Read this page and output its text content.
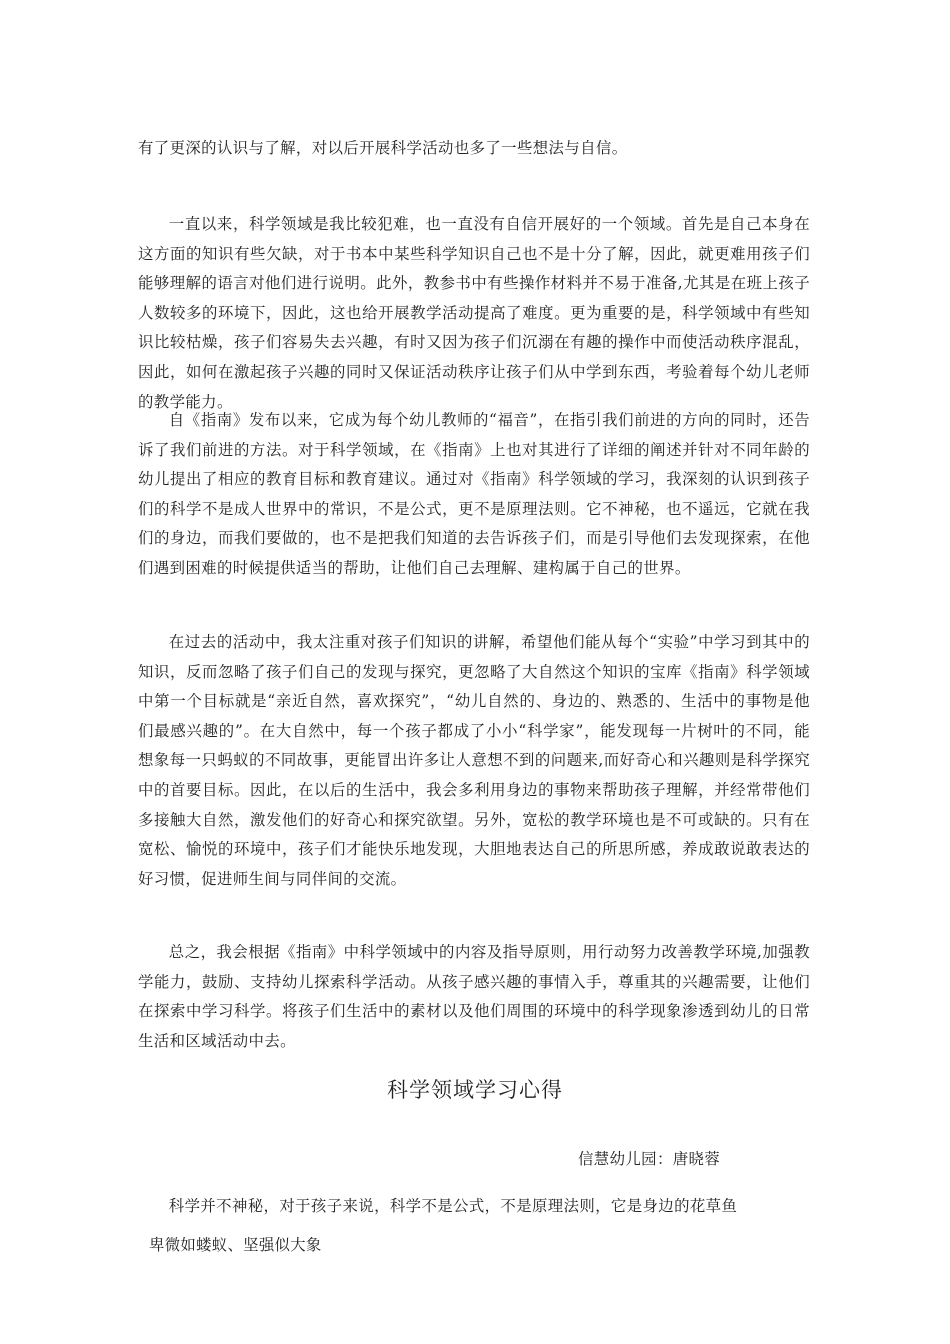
有了更深的认识与了解，对以后开展科学活动也多了一些想法与自信。

一直以来，科学领域是我比较犯难，也一直没有自信开展好的一个领域。首先是自己本身在这方面的知识有些欠缺，对于书本中某些科学知识自己也不是十分了解，因此，就更难用孩子们能够理解的语言对他们进行说明。此外，教参书中有些操作材料并不易于准备,尤其是在班上孩子人数较多的环境下，因此，这也给开展教学活动提高了难度。更为重要的是，科学领域中有些知识比较枯燥，孩子们容易失去兴趣，有时又因为孩子们沉溺在有趣的操作中而使活动秩序混乱，因此，如何在激起孩子兴趣的同时又保证活动秩序让孩子们从中学到东西，考验着每个幼儿老师的教学能力。

自《指南》发布以来，它成为每个幼儿教师的“福音”，在指引我们前进的方向的同时，还告诉了我们前进的方法。对于科学领域，在《指南》上也对其进行了详细的阐述并针对不同年龄的幼儿提出了相应的教育目标和教育建议。通过对《指南》科学领域的学习，我深刻的认识到孩子们的科学不是成人世界中的常识，不是公式，更不是原理法则。它不神秘，也不遥远，它就在我们的身边，而我们要做的，也不是把我们知道的去告诉孩子们，而是引导他们去发现探索，在他们遇到困难的时候提供适当的帮助，让他们自己去理解、建构属于自己的世界。

在过去的活动中，我太注重对孩子们知识的讲解，希望他们能从每个“实验”中学习到其中的知识，反而忽略了孩子们自己的发现与探究，更忽略了大自然这个知识的宝库《指南》科学领域中第一个目标就是“亲近自然，喜欢探究”，“幼儿自然的、身边的、熟悉的、生活中的事物是他们最感兴趣的”。在大自然中，每一个孩子都成了小小“科学家”，能发现每一片树叶的不同，能想象每一只蚂蚁的不同故事，更能冒出许多让人意想不到的问题来,而好奇心和兴趣则是科学探究中的首要目标。因此，在以后的生活中，我会多利用身边的事物来帮助孩子理解，并经常带他们多接触大自然，激发他们的好奇心和探究欲望。另外，宽松的教学环境也是不可或缺的。只有在宽松、愉悦的环境中，孩子们才能快乐地发现，大胆地表达自己的所思所感，养成敢说敢表达的好习惯，促进师生间与同伴间的交流。

总之，我会根据《指南》中科学领域中的内容及指导原则，用行动努力改善教学环境,加强教学能力，鼓励、支持幼儿探索科学活动。从孩子感兴趣的事情入手，尊重其的兴趣需要，让他们在探索中学习科学。将孩子们生活中的素材以及他们周围的环境中的科学现象渗透到幼儿的日常生活和区域活动中去。

科学领域学习心得

信慧幼儿园：唐晓蓉

科学并不神秘，对于孩子来说，科学不是公式，不是原理法则，它是身边的花草鱼

卑微如蝼蚁、坚强似大象
